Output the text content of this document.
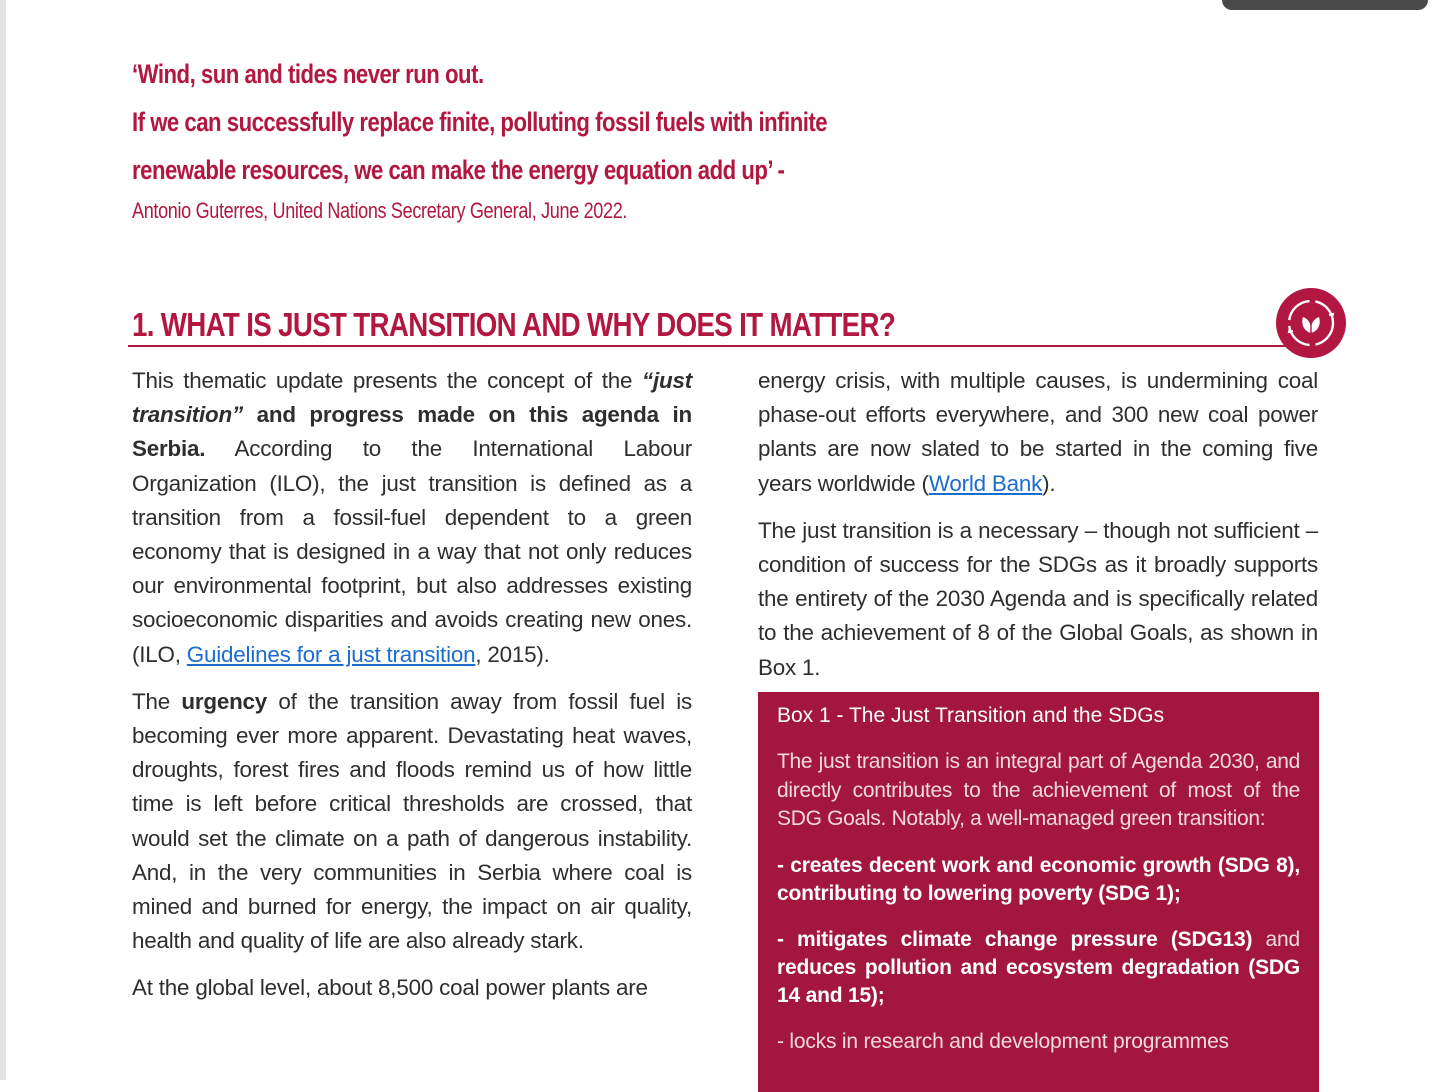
‘Wind, sun and tides never run out.
If we can successfully replace finite, polluting fossil fuels with infinite
renewable resources, we can make the energy equation add up’ -
Antonio Guterres, United Nations Secretary General, June 2022.
1. WHAT IS JUST TRANSITION AND WHY DOES IT MATTER?

This thematic update presents the concept of the “just transition” and progress made on this agenda in Serbia. According to the International Labour Organization (ILO), the just transition is defined as a transition from a fossil-fuel dependent to a green economy that is designed in a way that not only reduces our environmental footprint, but also addresses existing socioeconomic disparities and avoids creating new ones. (ILO, Guidelines for a just transition, 2015).

The urgency of the transition away from fossil fuel is becoming ever more apparent. Devastating heat waves, droughts, forest fires and floods remind us of how little time is left before critical thresholds are crossed, that would set the climate on a path of dangerous instability. And, in the very communities in Serbia where coal is mined and burned for energy, the impact on air quality, health and quality of life are also already stark.

At the global level, about 8,500 coal power plants are

energy crisis, with multiple causes, is undermining coal phase-out efforts everywhere, and 300 new coal power plants are now slated to be started in the coming five years worldwide (World Bank).

The just transition is a necessary – though not sufficient – condition of success for the SDGs as it broadly supports the entirety of the 2030 Agenda and is specifically related to the achievement of 8 of the Global Goals, as shown in Box 1.

Box 1 - The Just Transition and the SDGs
The just transition is an integral part of Agenda 2030, and directly contributes to the achievement of most of the SDG Goals. Notably, a well-managed green transition:
- creates decent work and economic growth (SDG 8), contributing to lowering poverty (SDG 1);
- mitigates climate change pressure (SDG13) and reduces pollution and ecosystem degradation (SDG 14 and 15);
- locks in research and development programmes
